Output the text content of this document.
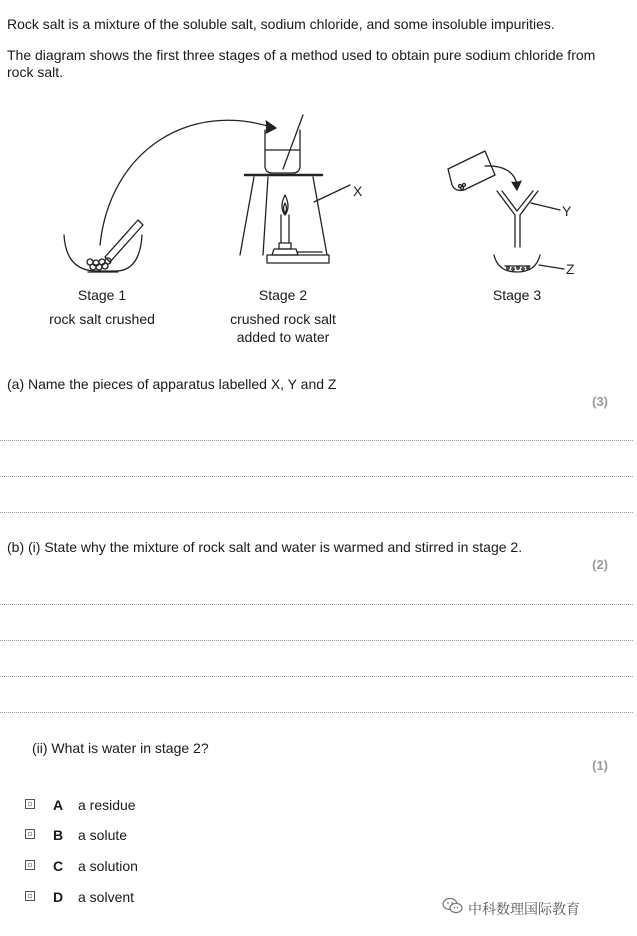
Rock salt is a mixture of the soluble salt, sodium chloride, and some insoluble impurities.
The diagram shows the first three stages of a method used to obtain pure sodium chloride from rock salt.
X
Y
Z
Stage 1
rock salt crushed
Stage 2
crushed rock salt
added to water
Stage 3
(a) Name the pieces of apparatus labelled X, Y and Z
(3)
(b) (i) State why the mixture of rock salt and water is warmed and stirred in stage 2.
(2)
(ii) What is water in stage 2?
(1)
A a residue
B a solute
C a solution
D a solvent
中科数理国际教育
